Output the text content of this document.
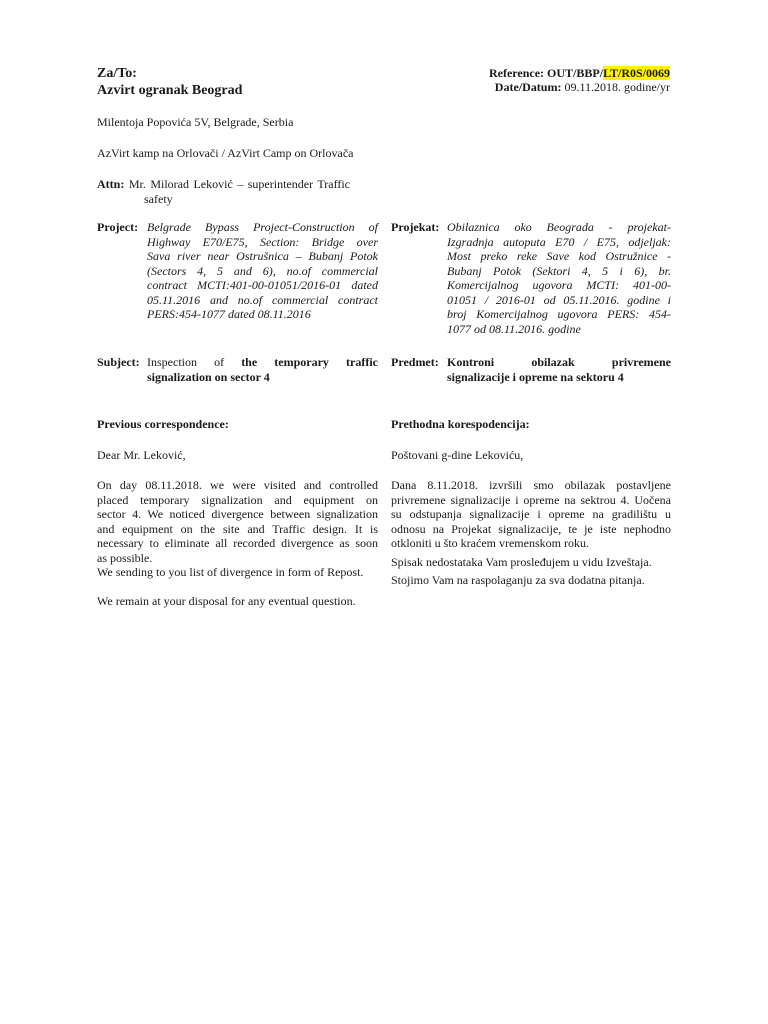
Za/To:
Azvirt ogranak Beograd
Reference: OUT/BBP/LT/R0S/0069
Date/Datum: 09.11.2018. godine/yr
Milentoja Popovića 5V, Belgrade, Serbia
AzVirt kamp na Orlovači / AzVirt Camp on Orlovača
Attn: Mr. Milorad Leković – superintender Traffic
safety
Project: Belgrade Bypass Project-Construction of
Highway E70/E75, Section: Bridge over
Sava river near Ostrušnica – Bubanj Potok
(Sectors 4, 5 and 6), no.of commercial
contract MCTI:401-00-01051/2016-01 dated
05.11.2016 and no.of commercial contract
PERS:454-1077 dated 08.11.2016
Projekat: Obilaznica oko Beograda - projekat-
Izgradnja autoputa E70 / E75, odjeljak:
Most preko reke Save kod Ostružnice -
Bubanj Potok (Sektori 4, 5 i 6), br.
Komercijalnog ugovora MCTI: 401-00-
01051 / 2016-01 od 05.11.2016. godine i
broj Komercijalnog ugovora PERS: 454-
1077 od 08.11.2016. godine
Subject: Inspection of the temporary traffic
signalization on sector 4
Predmet: Kontroni obilazak privremene
signalizacije i opreme na sektoru 4
Previous correspondence:	Prethodna korespodencija:
Dear Mr. Leković,	Poštovani g-dine Lekoviću,
On day 08.11.2018. we were visited and controlled
placed temporary signalization and equipment on
sector 4. We noticed divergence between signalization
and equipment on the site and Traffic design. It is
necessary to eliminate all recorded divergence as soon
as possible.
We sending to you list of divergence in form of Repost.
We remain at your disposal for any eventual question.
Dana 8.11.2018. izvršili smo obilazak postavljene
privremene signalizacije i opreme na sektrou 4. Uočena
su odstupanja signalizacije i opreme na gradilištu u
odnosu na Projekat signalizacije, te je iste nephodno
otkloniti u što kraćem vremenskom roku.
Spisak nedostataka Vam prosleđujem u vidu Izveštaja.
Stojimo Vam na raspolaganju za sva dodatna pitanja.
